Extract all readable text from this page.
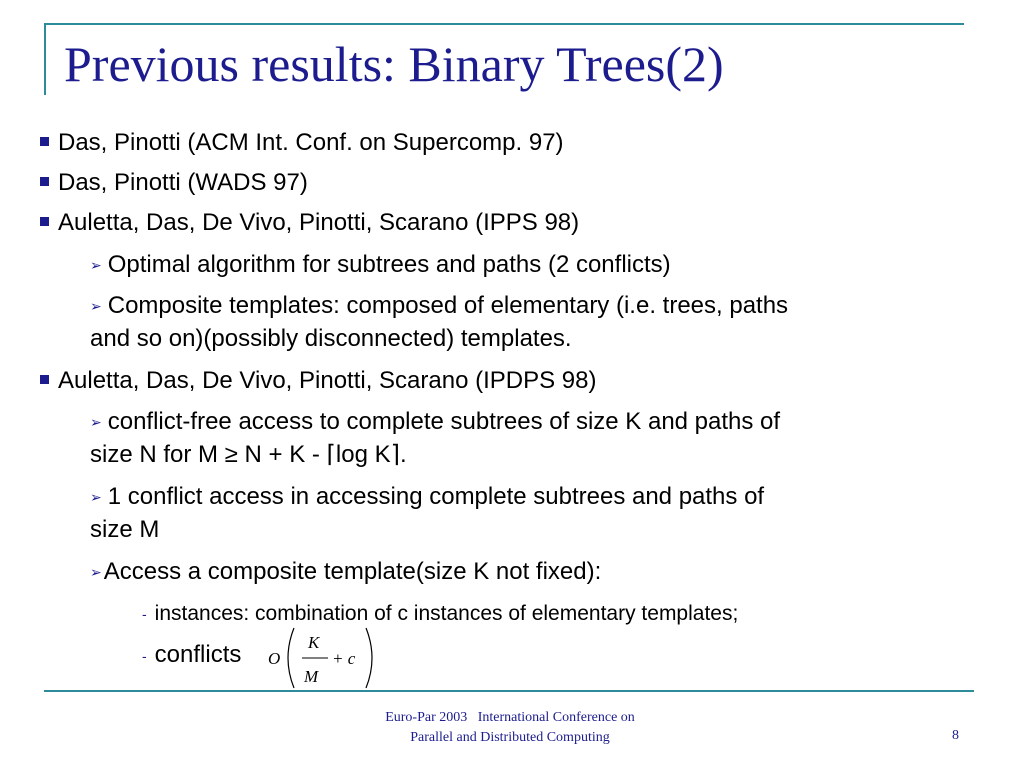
Previous results: Binary Trees(2)
Das, Pinotti (ACM Int. Conf. on Supercomp. 97)
Das, Pinotti (WADS 97)
Auletta, Das, De Vivo, Pinotti, Scarano (IPPS 98)
➢ Optimal algorithm for subtrees and paths (2 conflicts)
➢ Composite templates: composed of elementary (i.e. trees, paths
and so on)(possibly disconnected) templates.
Auletta, Das, De Vivo, Pinotti, Scarano (IPDPS 98)
➢ conflict-free access to complete subtrees of size K and paths of
size N for M ≥ N + K - ⌈log K⌉.
➢ 1 conflict access in accessing complete subtrees and paths of
size M
➢Access a composite template(size K not fixed):
- instances: combination of c instances of elementary templates;
- conflicts O
K
M
+ c
Euro-Par 2003   International Conference on
Parallel and Distributed Computing	8
